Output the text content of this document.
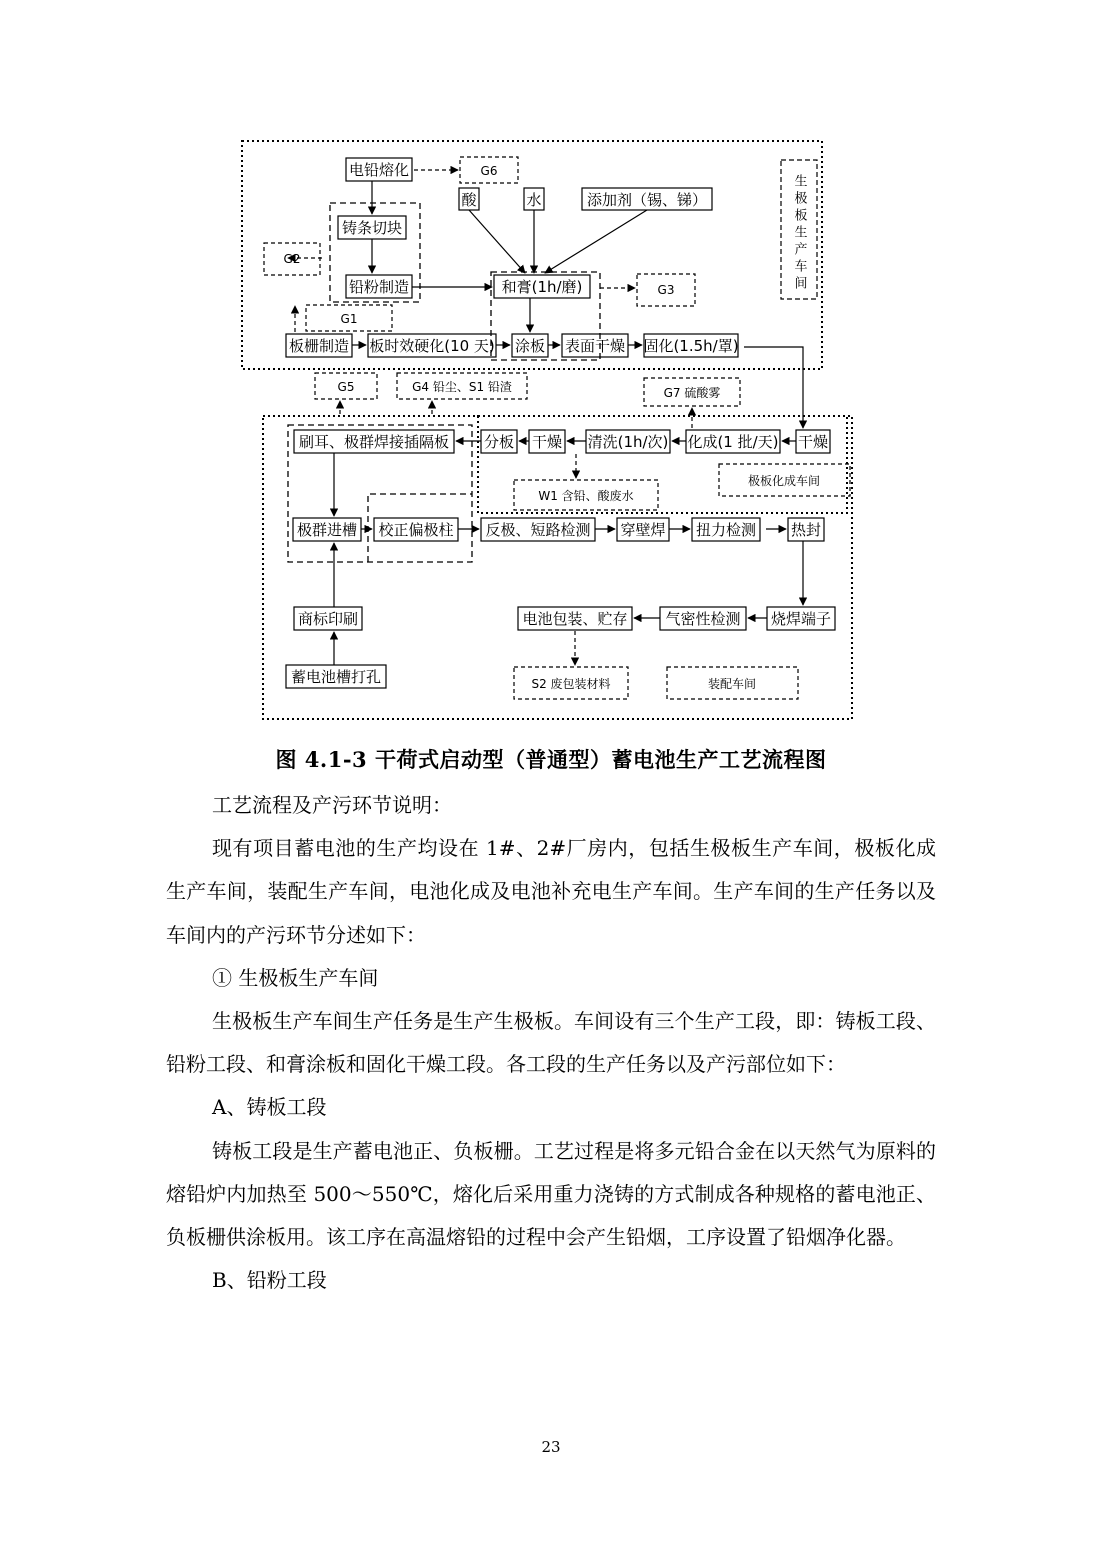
生极板生产车间
电铅熔化
酸	水	添加剂（锡、锑）
铸条切块
铅粉制造	和膏(1h/磨)
板栅制造 板时效硬化(10 天) 涂板 表面干燥 固化(1.5h/罩)
刷耳、极群焊接插隔板 分板 干燥 清洗(1h/次) 化成(1 批/天) 干燥
极群进槽 校正偏极柱 反极、短路检测 穿壁焊 扭力检测 热封
商标印刷	电池包装、贮存	气密性检测 烧焊端子
蓄电池槽打孔
G6
G2
G3
G1
G5	G4 铅尘、S1 铅渣	G7 硫酸雾
W1 含铅、酸废水
极板化成车间
S2 废包装材料	装配车间
图 4.1-3 干荷式启动型（普通型）蓄电池生产工艺流程图

工艺流程及产污环节说明：

现有项目蓄电池的生产均设在 1#、2#厂房内，包括生极板生产车间，极板化成生产车间，装配生产车间，电池化成及电池补充电生产车间。生产车间的生产任务以及车间内的产污环节分述如下：

① 生极板生产车间

生极板生产车间生产任务是生产生极板。车间设有三个生产工段，即：铸板工段、铅粉工段、和膏涂板和固化干燥工段。各工段的生产任务以及产污部位如下：

A、铸板工段

铸板工段是生产蓄电池正、负板栅。工艺过程是将多元铅合金在以天然气为原料的熔铅炉内加热至 500～550℃，熔化后采用重力浇铸的方式制成各种规格的蓄电池正、负板栅供涂板用。该工序在高温熔铅的过程中会产生铅烟，工序设置了铅烟净化器。

B、铅粉工段

23
